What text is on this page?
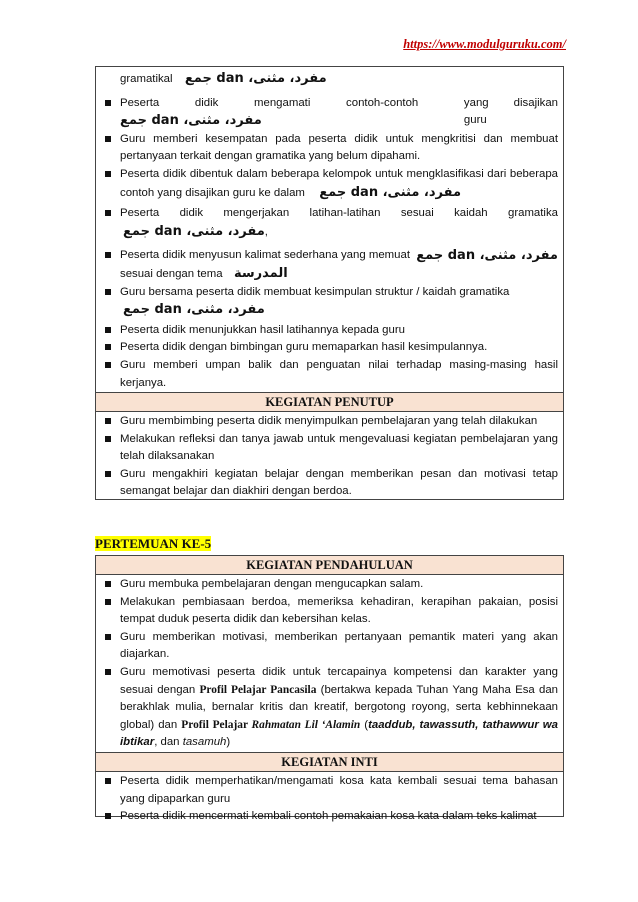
https://www.modulguruku.com/
gramatikal مفرد، مثنى، dan جمع
Peserta didik mengamati contoh-contoh  مفرد، مثنى، dan جمع
yang disajikan guru
Guru memberi kesempatan pada peserta didik untuk mengkritisi dan membuat pertanyaan terkait dengan gramatika yang belum dipahami.
Peserta didik dibentuk dalam beberapa kelompok untuk mengklasifikasi dari beberapa contoh yang disajikan guru ke dalam مفرد، مثنى، dan جمع
Peserta didik mengerjakan latihan-latihan sesuai kaidah gramatika
مفرد، مثنى، dan جمع,
Peserta didik menyusun kalimat sederhana yang memuat مفرد، مثنى، dan جمع
sesuai dengan tema المدرسة
Guru bersama peserta didik membuat kesimpulan struktur / kaidah gramatika
مفرد، مثنى، dan جمع
Peserta didik menunjukkan hasil latihannya kepada guru
Peserta didik dengan bimbingan guru memaparkan hasil kesimpulannya.
Guru memberi umpan balik dan penguatan nilai terhadap masing-masing hasil kerjanya.
KEGIATAN PENUTUP
Guru membimbing peserta didik menyimpulkan pembelajaran yang telah dilakukan
Melakukan refleksi dan tanya jawab untuk mengevaluasi kegiatan pembelajaran yang telah dilaksanakan
Guru mengakhiri kegiatan belajar dengan memberikan pesan dan motivasi tetap semangat belajar dan diakhiri dengan berdoa.
PERTEMUAN KE-5
KEGIATAN PENDAHULUAN
Guru membuka pembelajaran dengan mengucapkan salam.
Melakukan pembiasaan berdoa, memeriksa kehadiran, kerapihan pakaian, posisi tempat duduk peserta didik dan kebersihan kelas.
Guru memberikan motivasi, memberikan pertanyaan pemantik materi yang akan diajarkan.
Guru memotivasi peserta didik untuk tercapainya kompetensi dan karakter yang sesuai dengan Profil Pelajar Pancasila (bertakwa kepada Tuhan Yang Maha Esa dan berakhlak mulia, bernalar kritis dan kreatif, bergotong royong, serta kebhinnekaan global) dan Profil Pelajar Rahmatan Lil ‘Alamin (taaddub, tawassuth, tathawwur wa ibtikar, dan tasamuh)
KEGIATAN INTI
Peserta didik memperhatikan/mengamati kosa kata kembali sesuai tema bahasan yang dipaparkan guru
Peserta didik mencermati kembali contoh pemakaian kosa kata dalam teks kalimat
